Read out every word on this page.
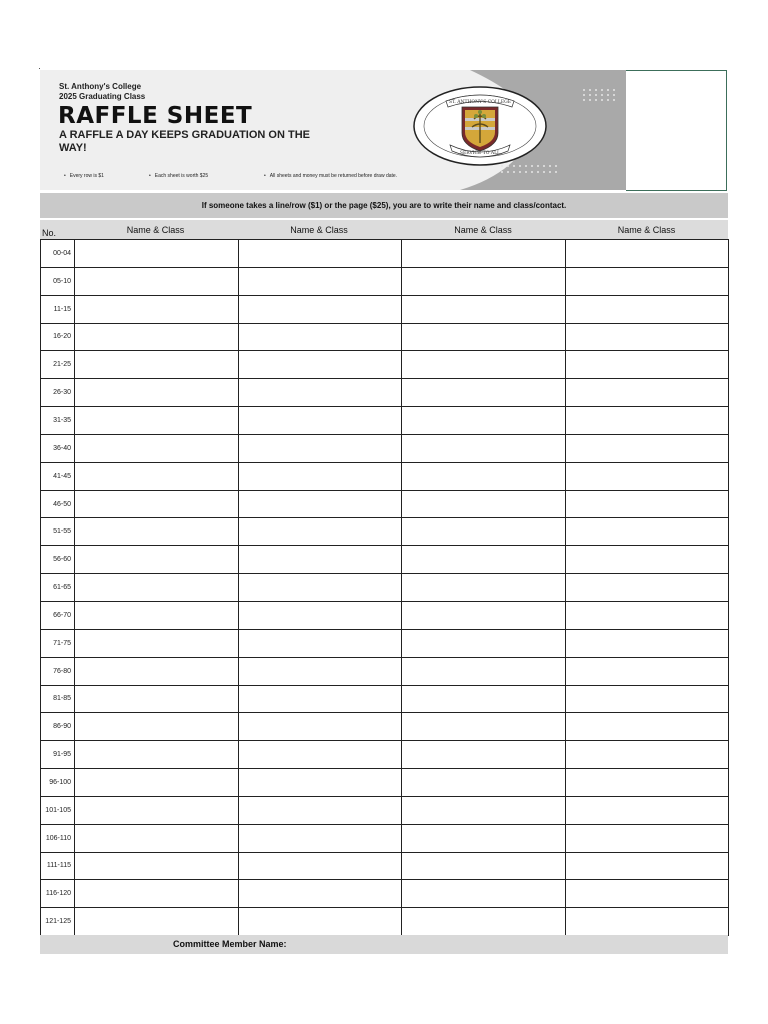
St. Anthony's College
2025 Graduating Class
RAFFLE SHEET
A RAFFLE A DAY KEEPS GRADUATION ON THE WAY!
• Every row is $1	• Each sheet is worth $25	• All sheets and money must be returned before draw date.
ST. ANTHONY'S COLLEGE
SERVICE TO ALL
If someone takes a line/row ($1) or the page ($25), you are to write their name and class/contact.
No.	Name & Class	Name & Class	Name & Class	Name & Class
00-04				
05-10				
11-15				
16-20				
21-25				
26-30				
31-35				
36-40				
41-45				
46-50				
51-55				
56-60				
61-65				
66-70				
71-75				
76-80				
81-85				
86-90				
91-95				
96-100				
101-105				
106-110				
111-115				
116-120				
121-125				
Committee Member Name:
